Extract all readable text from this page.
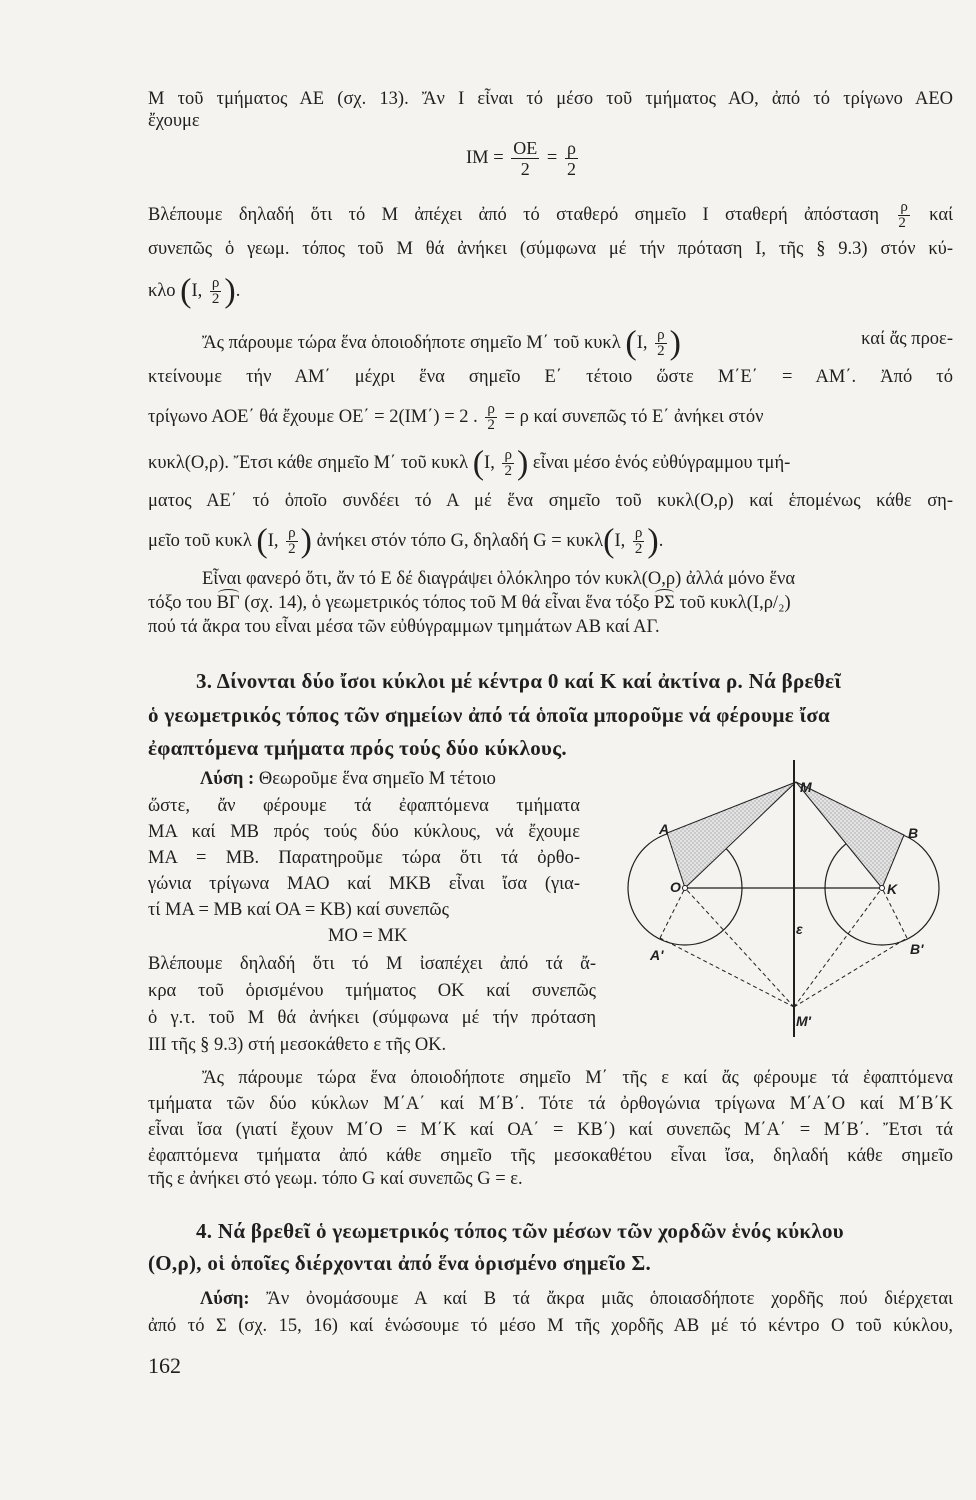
Μ τοῦ τμήματος ΑΕ (σχ. 13). Ἄν Ι εἶναι τό μέσο τοῦ τμήματος ΑΟ, ἀπό τό τρίγωνο ΑΕΟ
ἔχουμε
$IM = \frac{OE}{2} = \frac{\rho}{2}$
Βλέπουμε δηλαδή ὅτι τό Μ ἀπέχει ἀπό τό σταθερό σημεῖο Ι σταθερή ἀπόσταση $\frac{\rho}{2}$ καί
συνεπῶς ὁ γεωμ. τόπος τοῦ Μ θά ἀνήκει (σύμφωνα μέ τήν πρόταση Ι, τῆς § 9.3) στόν κύ-
κλο (Ι, $\frac{\rho}{2}$ ).
Ἄς πάρουμε τώρα ἕνα ὁποιοδήποτε σημεῖο Μ΄ τοῦ κυκλ (Ι, $\frac{\rho}{2}$ )	καί ἄς προε-
κτείνουμε τήν ΑΜ΄ μέχρι ἕνα σημεῖο Ε΄ τέτοιο ὥστε Μ΄Ε΄ = ΑΜ΄. Ἀπό τό
τρίγωνο ΑΟΕ΄ θά ἔχουμε ΟΕ΄ = 2(ΙΜ΄) = 2 . $\frac{\rho}{2} = \rho$ καί συνεπῶς τό Ε΄ ἀνήκει στόν
κυκλ(Ο,ρ). Ἔτσι κάθε σημεῖο Μ΄ τοῦ κυκλ (Ι, $\frac{\rho}{2}$ ) εἶναι μέσο ἑνός εὐθύγραμμου τμή-
ματος ΑΕ΄ τό ὁποῖο συνδέει τό Α μέ ἕνα σημεῖο τοῦ κυκλ(Ο,ρ) καί ἑπομένως κάθε ση-
μεῖο τοῦ κυκλ (Ι, $\frac{\rho}{2}$ ) ἀνήκει στόν τόπο G, δηλαδή G = κυκλ(Ι, $\frac{\rho}{2}$ ).
Εἶναι φανερό ὅτι, ἄν τό Ε δέ διαγράψει ὁλόκληρο τόν κυκλ(Ο,ρ) ἀλλά μόνο ἕνα
τόξο του ΒΓ (σχ. 14), ὁ γεωμετρικός τόπος τοῦ Μ θά εἶναι ἕνα τόξο ΡΣ τοῦ κυκλ(Ι,ρ/₂)
πού τά ἄκρα του εἶναι μέσα τῶν εὐθύγραμμων τμημάτων ΑΒ καί ΑΓ.
3. Δίνονται δύο ἴσοι κύκλοι μέ κέντρα 0 καί Κ καί ἀκτίνα ρ. Νά βρεθεῖ
ὁ γεωμετρικός τόπος τῶν σημείων ἀπό τά ὁποῖα μποροῦμε νά φέρουμε ἴσα
ἐφαπτόμενα τμήματα πρός τούς δύο κύκλους.
Λύση : Θεωροῦμε ἕνα σημεῖο Μ τέτοιο
ὥστε, ἄν φέρουμε τά ἐφαπτόμενα τμήματα
ΜΑ καί ΜΒ πρός τούς δύο κύκλους, νά ἔχουμε
ΜΑ = ΜΒ. Παρατηροῦμε τώρα ὅτι τά ὀρθο-
γώνια τρίγωνα ΜΑΟ καί ΜΚΒ εἶναι ἴσα (για-
τί ΜΑ = ΜΒ καί ΟΑ = ΚΒ) καί συνεπῶς
ΜΟ = ΜΚ
Βλέπουμε δηλαδή ὅτι τό Μ ἰσαπέχει ἀπό τά ἄ-
κρα τοῦ ὁρισμένου τμήματος ΟΚ καί συνεπῶς
ὁ γ.τ. τοῦ Μ θά ἀνήκει (σύμφωνα μέ τήν πρόταση
ΙΙΙ τῆς § 9.3) στή μεσοκάθετο ε τῆς ΟΚ.
M
A	B
O	K
ε
A'	B'
M'
Ἄς πάρουμε τώρα ἕνα ὁποιοδήποτε σημεῖο Μ΄ τῆς ε καί ἄς φέρουμε τά ἐφαπτόμενα
τμήματα τῶν δύο κύκλων Μ΄Α΄ καί Μ΄Β΄. Τότε τά ὀρθογώνια τρίγωνα Μ΄Α΄Ο καί Μ΄Β΄Κ
εἶναι ἴσα (γιατί ἔχουν Μ΄Ο = Μ΄Κ καί ΟΑ΄ = ΚΒ΄) καί συνεπῶς Μ΄Α΄ = Μ΄Β΄. Ἔτσι τά
ἐφαπτόμενα τμήματα ἀπό κάθε σημεῖο τῆς μεσοκαθέτου εἶναι ἴσα, δηλαδή κάθε σημεῖο
τῆς ε ἀνήκει στό γεωμ. τόπο G καί συνεπῶς G = ε.
4. Νά βρεθεῖ ὁ γεωμετρικός τόπος τῶν μέσων τῶν χορδῶν ἑνός κύκλου
(Ο,ρ), οἱ ὁποῖες διέρχονται ἀπό ἕνα ὁρισμένο σημεῖο Σ.
Λύση: Ἄν ὀνομάσουμε Α καί Β τά ἄκρα μιᾶς ὁποιασδήποτε χορδῆς πού διέρχεται
ἀπό τό Σ (σχ. 15, 16) καί ἑνώσουμε τό μέσο Μ τῆς χορδῆς ΑΒ μέ τό κέντρο Ο τοῦ κύκλου,
162
